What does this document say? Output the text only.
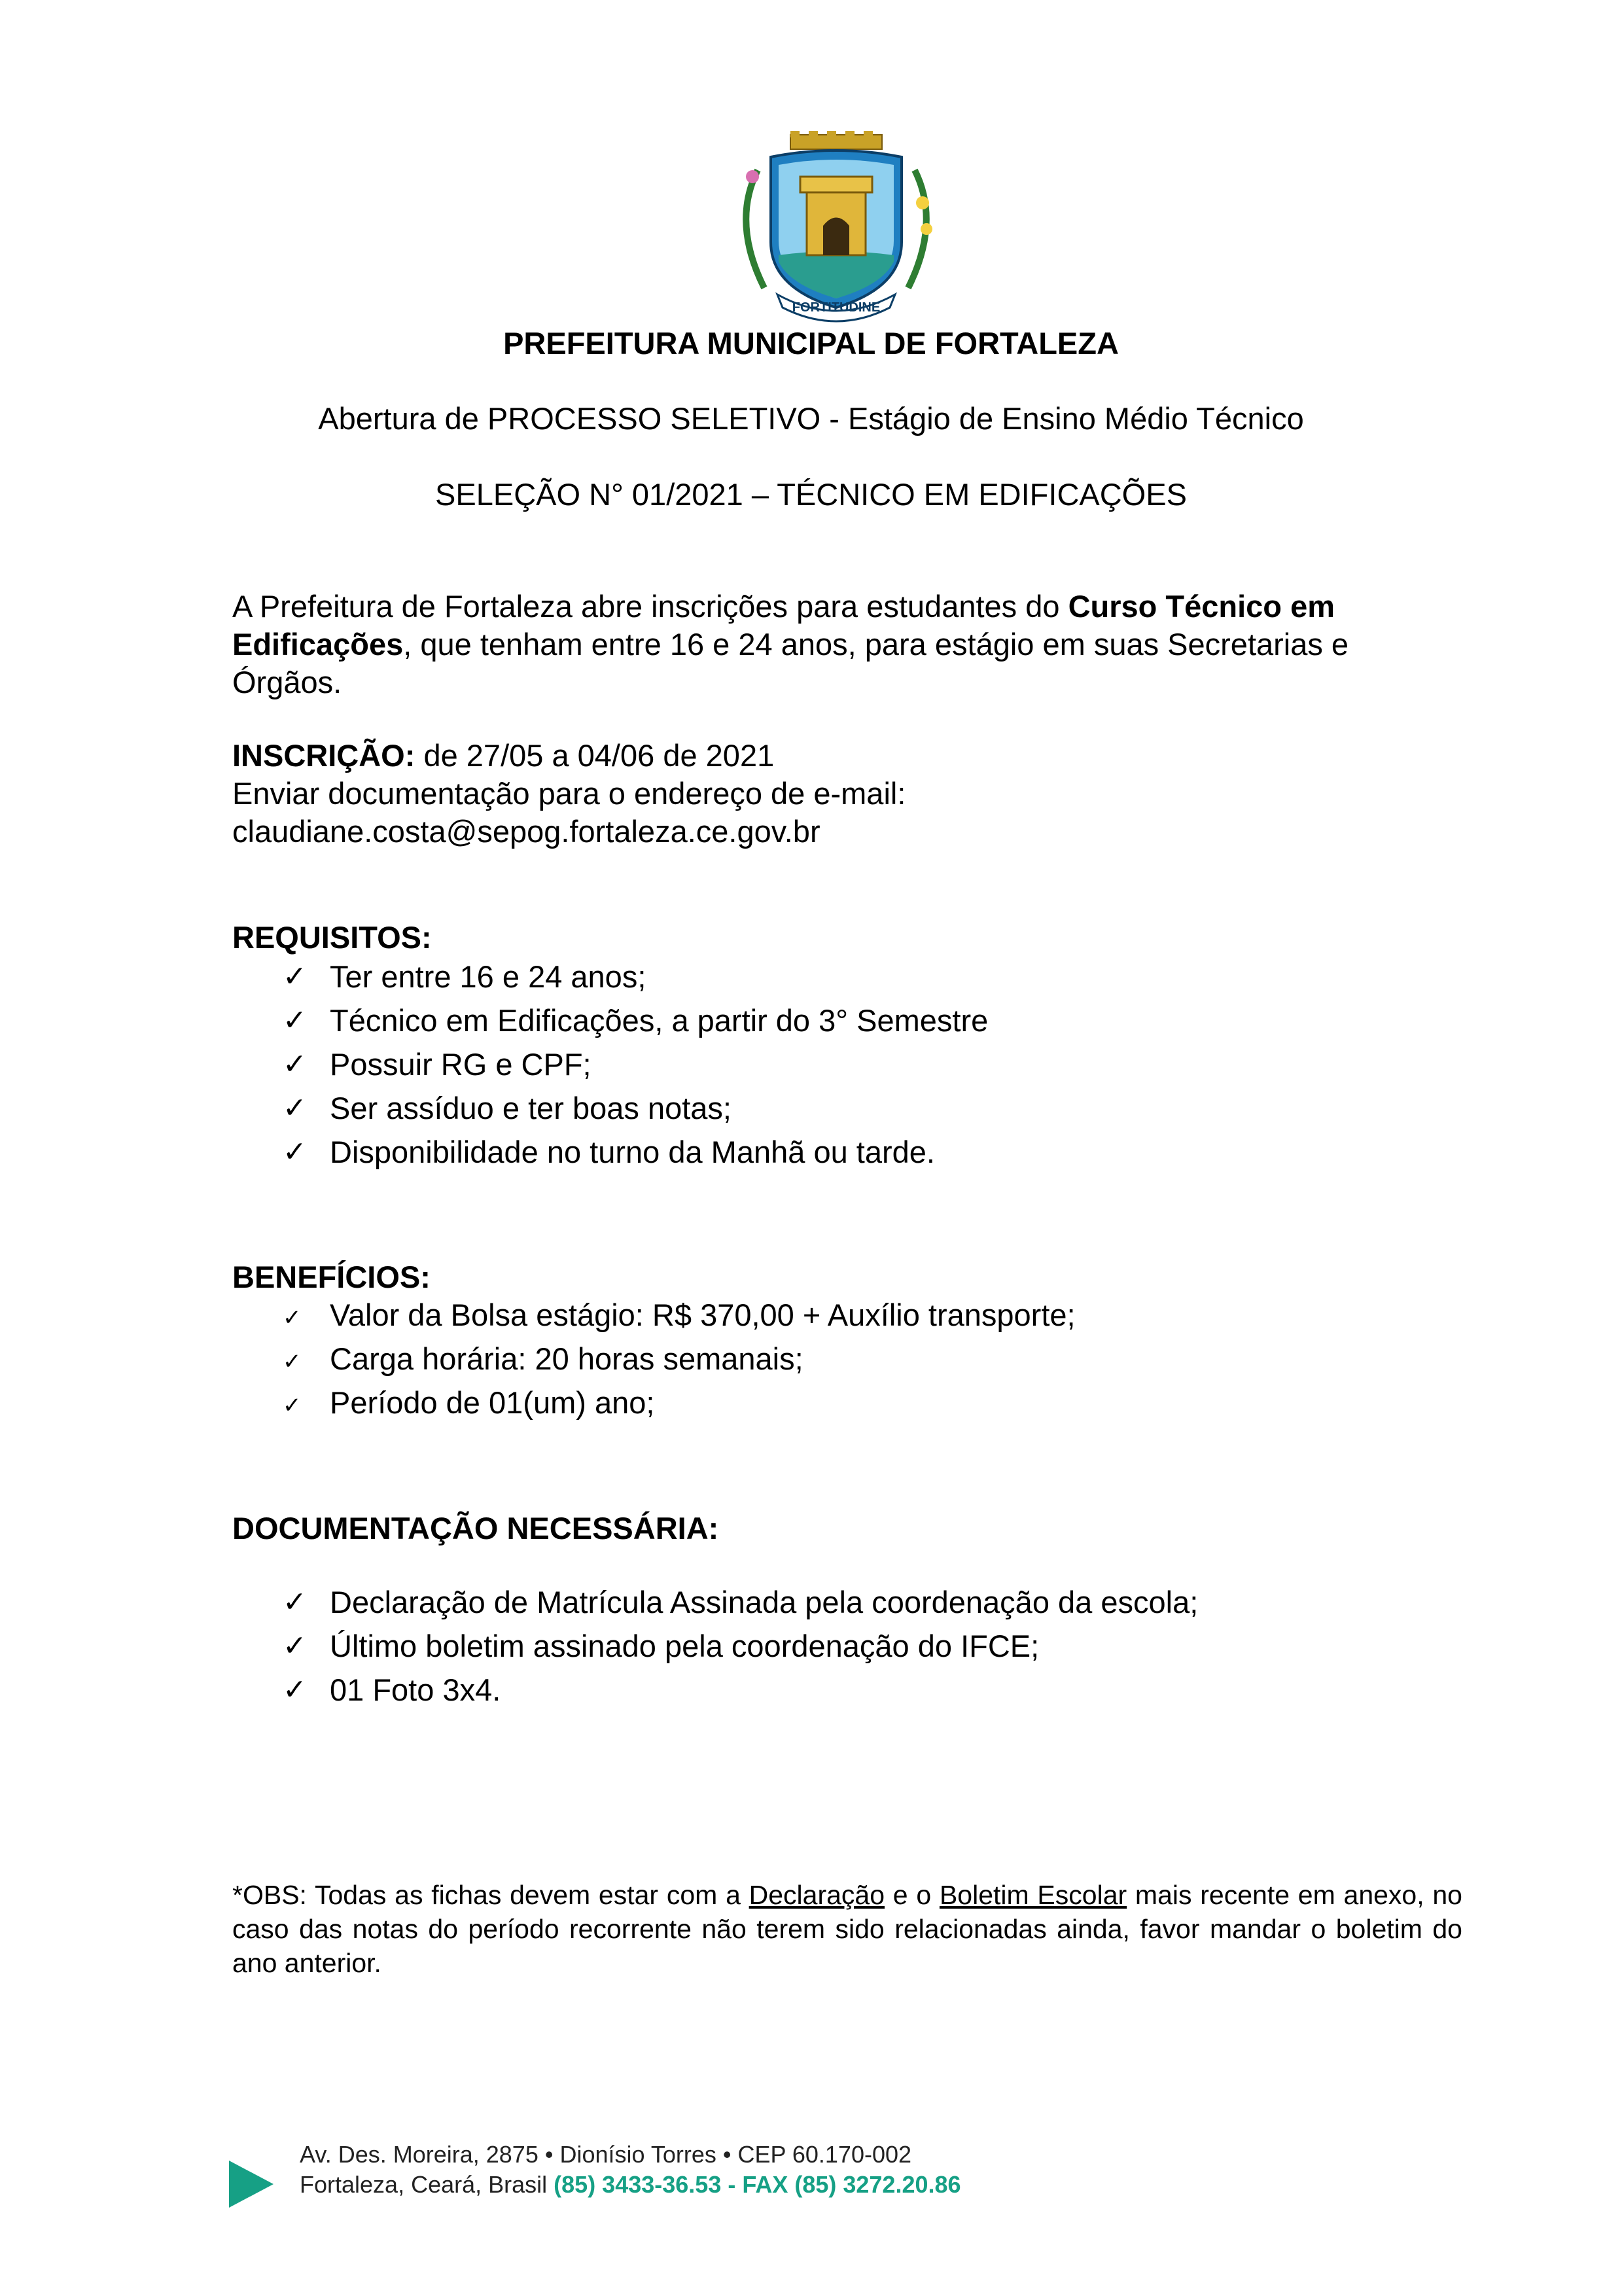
FORTITUDINE
PREFEITURA MUNICIPAL DE FORTALEZA
Abertura de PROCESSO SELETIVO - Estágio de Ensino Médio Técnico
SELEÇÃO N° 01/2021 – TÉCNICO EM EDIFICAÇÕES
A Prefeitura de Fortaleza abre inscrições para estudantes do Curso Técnico em Edificações, que tenham entre 16 e 24 anos, para estágio em suas Secretarias e Órgãos.
INSCRIÇÃO: de 27/05 a 04/06 de 2021
Enviar documentação para o endereço de e-mail:
claudiane.costa@sepog.fortaleza.ce.gov.br
REQUISITOS:
✓ Ter entre 16 e 24 anos;
✓ Técnico em Edificações, a partir do 3° Semestre
✓ Possuir RG e CPF;
✓ Ser assíduo e ter boas notas;
✓ Disponibilidade no turno da Manhã ou tarde.
BENEFÍCIOS:
✓ Valor da Bolsa estágio: R$ 370,00 + Auxílio transporte;
✓ Carga horária: 20 horas semanais;
✓ Período de 01(um) ano;
DOCUMENTAÇÃO NECESSÁRIA:
✓ Declaração de Matrícula Assinada pela coordenação da escola;
✓ Último boletim assinado pela coordenação do IFCE;
✓ 01 Foto 3x4.
*OBS: Todas as fichas devem estar com a Declaração e o Boletim Escolar mais recente em anexo, no caso das notas do período recorrente não terem sido relacionadas ainda, favor mandar o boletim do ano anterior.
Av. Des. Moreira, 2875 • Dionísio Torres • CEP 60.170-002
Fortaleza, Ceará, Brasil (85) 3433-36.53 - FAX (85) 3272.20.86
